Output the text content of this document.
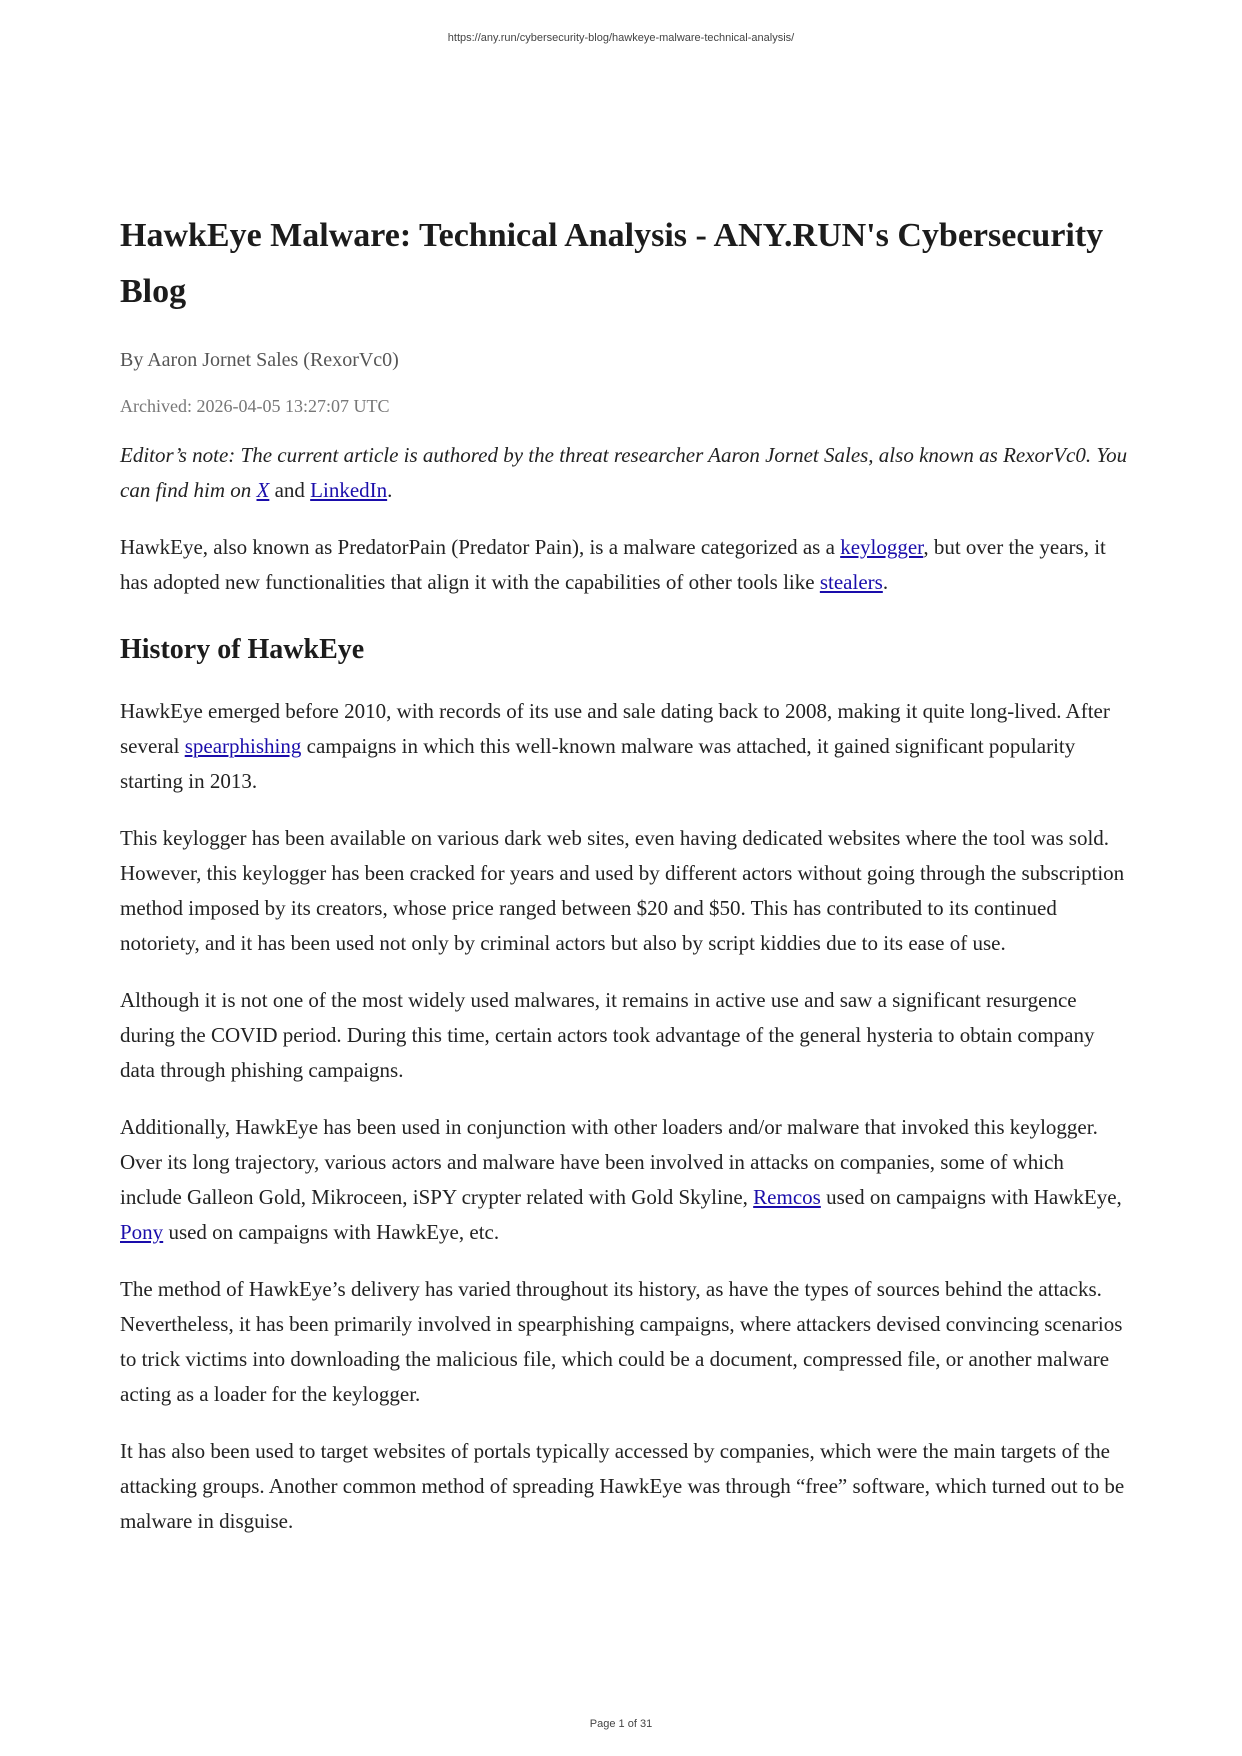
https://any.run/cybersecurity-blog/hawkeye-malware-technical-analysis/
HawkEye Malware: Technical Analysis - ANY.RUN's Cybersecurity Blog
By Aaron Jornet Sales (RexorVc0)
Archived: 2026-04-05 13:27:07 UTC

Editor’s note: The current article is authored by the threat researcher Aaron Jornet Sales, also known as RexorVc0. You can find him on X and LinkedIn.

HawkEye, also known as PredatorPain (Predator Pain), is a malware categorized as a keylogger, but over the years, it has adopted new functionalities that align it with the capabilities of other tools like stealers.

History of HawkEye

HawkEye emerged before 2010, with records of its use and sale dating back to 2008, making it quite long-lived. After several spearphishing campaigns in which this well-known malware was attached, it gained significant popularity starting in 2013.

This keylogger has been available on various dark web sites, even having dedicated websites where the tool was sold. However, this keylogger has been cracked for years and used by different actors without going through the subscription method imposed by its creators, whose price ranged between $20 and $50. This has contributed to its continued notoriety, and it has been used not only by criminal actors but also by script kiddies due to its ease of use.

Although it is not one of the most widely used malwares, it remains in active use and saw a significant resurgence during the COVID period. During this time, certain actors took advantage of the general hysteria to obtain company data through phishing campaigns.

Additionally, HawkEye has been used in conjunction with other loaders and/or malware that invoked this keylogger. Over its long trajectory, various actors and malware have been involved in attacks on companies, some of which include Galleon Gold, Mikroceen, iSPY crypter related with Gold Skyline, Remcos used on campaigns with HawkEye, Pony used on campaigns with HawkEye, etc.

The method of HawkEye’s delivery has varied throughout its history, as have the types of sources behind the attacks. Nevertheless, it has been primarily involved in spearphishing campaigns, where attackers devised convincing scenarios to trick victims into downloading the malicious file, which could be a document, compressed file, or another malware acting as a loader for the keylogger.

It has also been used to target websites of portals typically accessed by companies, which were the main targets of the attacking groups. Another common method of spreading HawkEye was through “free” software, which turned out to be malware in disguise.

Page 1 of 31
